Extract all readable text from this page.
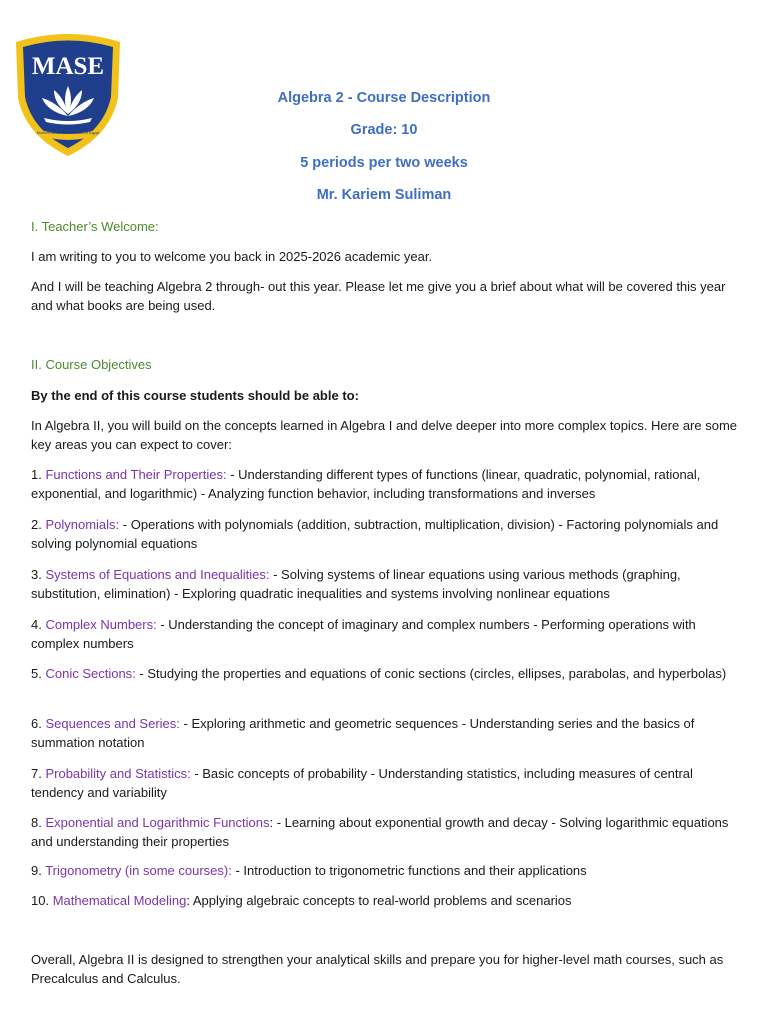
MASE
Modern American Schools of Egypt
Algebra 2 - Course Description
Grade: 10
5 periods per two weeks
Mr. Kariem Suliman
I. Teacher’s Welcome:
I am writing to you to welcome you back in 2025-2026 academic year.
And I will be teaching Algebra 2 through- out this year. Please let me give you a brief about what will be covered this year and what books are being used.
II. Course Objectives
By the end of this course students should be able to:
In Algebra II, you will build on the concepts learned in Algebra I and delve deeper into more complex topics. Here are some key areas you can expect to cover:
1. Functions and Their Properties: - Understanding different types of functions (linear, quadratic, polynomial, rational, exponential, and logarithmic) - Analyzing function behavior, including transformations and inverses
2. Polynomials: - Operations with polynomials (addition, subtraction, multiplication, division) - Factoring polynomials and solving polynomial equations
3. Systems of Equations and Inequalities: - Solving systems of linear equations using various methods (graphing, substitution, elimination) - Exploring quadratic inequalities and systems involving nonlinear equations
4. Complex Numbers: - Understanding the concept of imaginary and complex numbers - Performing operations with complex numbers
5. Conic Sections: - Studying the properties and equations of conic sections (circles, ellipses, parabolas, and hyperbolas)
6. Sequences and Series: - Exploring arithmetic and geometric sequences - Understanding series and the basics of summation notation
7. Probability and Statistics: - Basic concepts of probability - Understanding statistics, including measures of central tendency and variability
8. Exponential and Logarithmic Functions: - Learning about exponential growth and decay - Solving logarithmic equations and understanding their properties
9. Trigonometry (in some courses): - Introduction to trigonometric functions and their applications
10. Mathematical Modeling: Applying algebraic concepts to real-world problems and scenarios
Overall, Algebra II is designed to strengthen your analytical skills and prepare you for higher-level math courses, such as Precalculus and Calculus.
